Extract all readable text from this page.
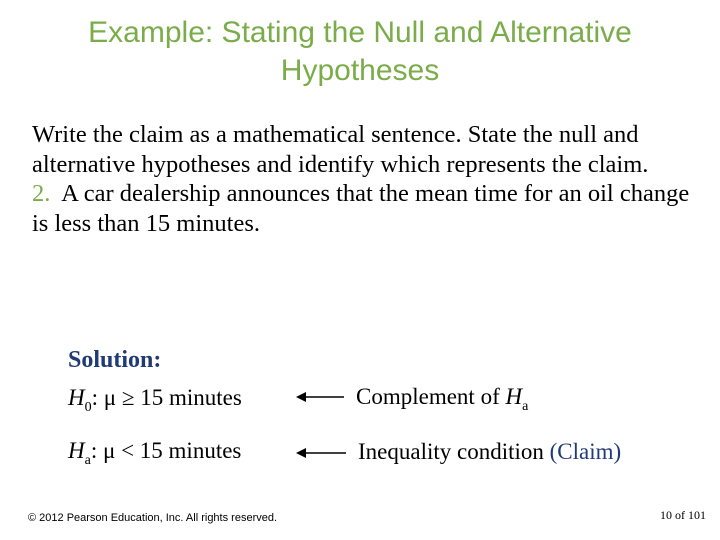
Example: Stating the Null and Alternative
Hypotheses

Write the claim as a mathematical sentence. State the null and alternative hypotheses and identify which represents the claim.

2. A car dealership announces that the mean time for an oil change is less than 15 minutes.

Solution:
$H_0$: μ ≥ 15 minutes	Complement of $H_a$
$H_a$: μ < 15 minutes	Inequality condition (Claim)
© 2012 Pearson Education, Inc. All rights reserved.	10 of 101
